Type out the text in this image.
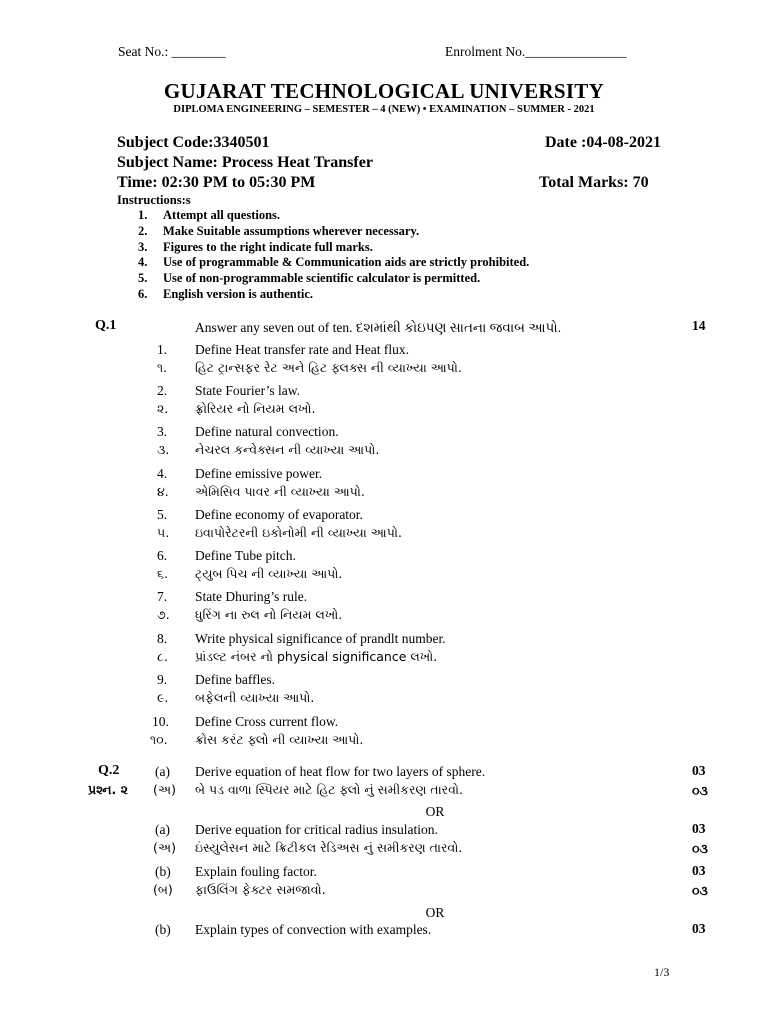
Seat No.: ________	Enrolment No._______________
GUJARAT TECHNOLOGICAL UNIVERSITY
DIPLOMA ENGINEERING – SEMESTER – 4 (NEW) • EXAMINATION – SUMMER - 2021
Subject Code:3340501	Date :04-08-2021
Subject Name: Process Heat Transfer
Time: 02:30 PM to 05:30 PM	Total Marks: 70
Instructions:s
1. Attempt all questions.
2. Make Suitable assumptions wherever necessary.
3. Figures to the right indicate full marks.
4. Use of programmable & Communication aids are strictly prohibited.
5. Use of non-programmable scientific calculator is permitted.
6. English version is authentic.
Q.1	Answer any seven out of ten. દશમાંથી કોઇપણ સાતના જવાબ આપો.	14
1. Define Heat transfer rate and Heat flux.
૧. હિટ ટ્રાન્સફર રેટ અને હિટ ફ્લક્સ ની વ્યાખ્યા આપો.
2. State Fourier’s law.
૨. ફ્રોરિયર નો નિયમ લખો.
3. Define natural convection.
૩. નેચરલ કન્વેક્સન ની વ્યાખ્યા આપો.
4. Define emissive power.
૪. એમિસિવ પાવર ની વ્યાખ્યા આપો.
5. Define economy of evaporator.
૫. ઇવાપોરેટરની ઇકોનોમી ની વ્યાખ્યા આપો.
6. Define Tube pitch.
૬. ટ્યુબ પિચ ની વ્યાખ્યા આપો.
7. State Dhuring’s rule.
૭. ધુરિંગ ના રુલ નો નિયમ લખો.
8. Write physical significance of prandlt number.
૮. પ્રાંડલ્ટ નંબર નો physical significance લખો.
9. Define baffles.
૯. બફેલની વ્યાખ્યા આપો.
10. Define Cross current flow.
૧૦. ક્રોસ કરંટ ફ્લો ની વ્યાખ્યા આપો.
Q.2
પ્રશ્ન. ૨
(a) Derive equation of heat flow for two layers of sphere.	03
(અ) બે પડ વાળા સ્પિયર માટે હિટ ફ્લો નું સમીકરણ તારવો.	૦૩
OR
(a) Derive equation for critical radius insulation.	03
(અ) ઇંસ્યુલેસન માટે ક્રિટીકલ રેડિઅસ નું સમીકરણ તારવો.	૦૩
(b) Explain fouling factor.	03
(બ) ફાઉલિંગ ફેક્ટર સમજાવો.	૦૩
OR
(b) Explain types of convection with examples.	03
1/3
